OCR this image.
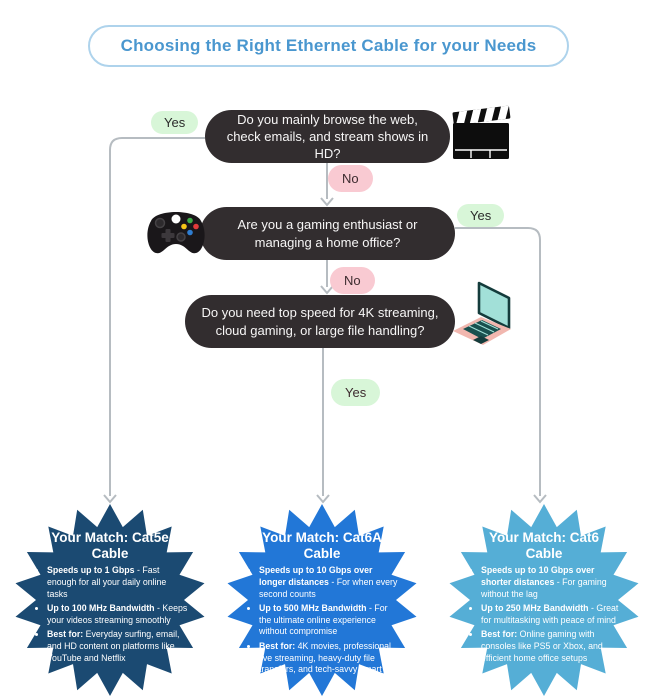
Choosing the Right Ethernet Cable for your Needs
Do you mainly browse the web, check emails, and stream shows in HD?
Are you a gaming enthusiast or managing a home office?
Do you need top speed for 4K streaming, cloud gaming, or large file handling?
Yes
No
Yes
No
Yes
Your Match: Cat5e
Cable
• Speeds up to 1 Gbps - Fast enough for all your daily online tasks
• Up to 100 MHz Bandwidth - Keeps your videos streaming smoothly
• Best for: Everyday surfing, email, and HD content on platforms like YouTube and Netflix
Your Match: Cat6A
Cable
• Speeds up to 10 Gbps over longer distances - For when every second counts
• Up to 500 MHz Bandwidth - For the ultimate online experience without compromise
• Best for: 4K movies, professional live streaming, heavy-duty file transfers, and tech-savvy smart homes
Your Match: Cat6
Cable
• Speeds up to 10 Gbps over shorter distances - For gaming without the lag
• Up to 250 MHz Bandwidth - Great for multitasking with peace of mind
• Best for: Online gaming with consoles like PS5 or Xbox, and efficient home office setups
